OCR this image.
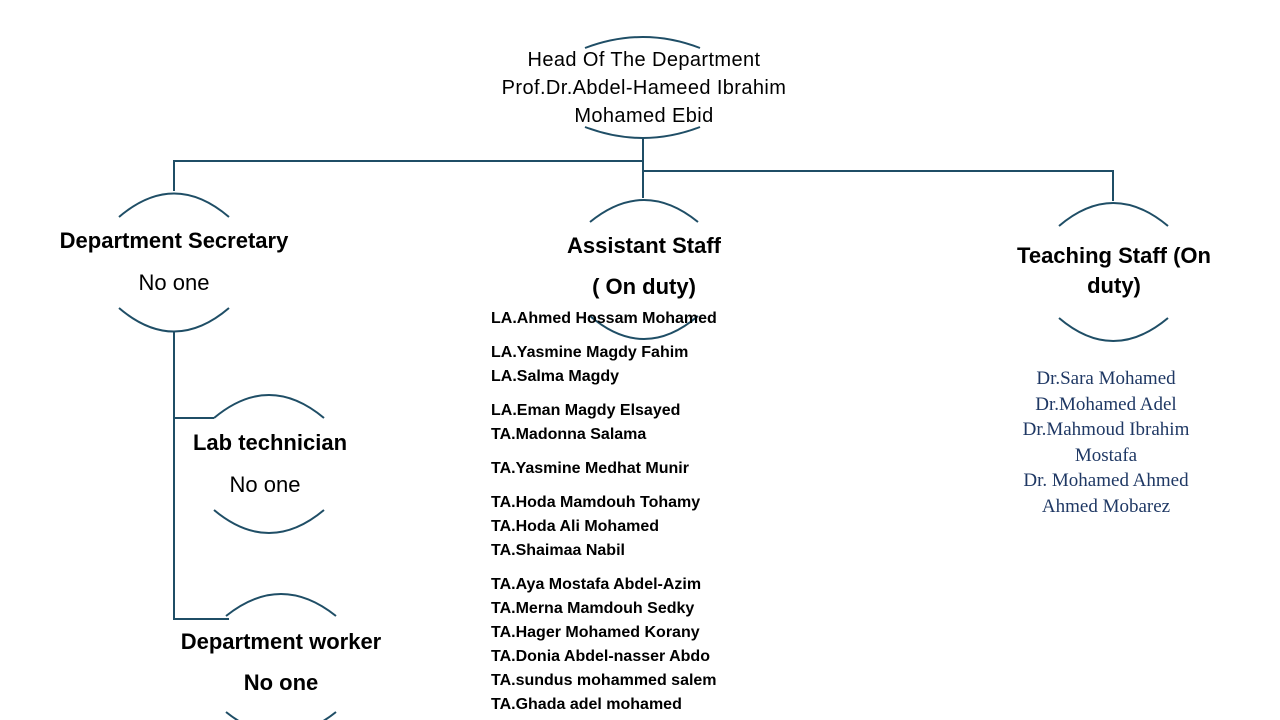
Head Of The Department
Prof.Dr.Abdel-Hameed Ibrahim
Mohamed Ebid
Department Secretary
No one
Assistant Staff
( On duty)
LA.Ahmed Hossam Mohamed
LA.Yasmine Magdy Fahim
LA.Salma Magdy
LA.Eman Magdy Elsayed
TA.Madonna Salama
TA.Yasmine Medhat Munir
TA.Hoda Mamdouh Tohamy
TA.Hoda Ali Mohamed
TA.Shaimaa Nabil
TA.Aya Mostafa Abdel-Azim
TA.Merna Mamdouh Sedky
TA.Hager Mohamed Korany
TA.Donia Abdel-nasser Abdo
TA.sundus mohammed salem
TA.Ghada adel mohamed
Teaching Staff (On duty)
Dr.Sara Mohamed
Dr.Mohamed Adel
Dr.Mahmoud Ibrahim
Mostafa
Dr. Mohamed Ahmed
Ahmed Mobarez
Lab technician
No one
Department worker
No one
